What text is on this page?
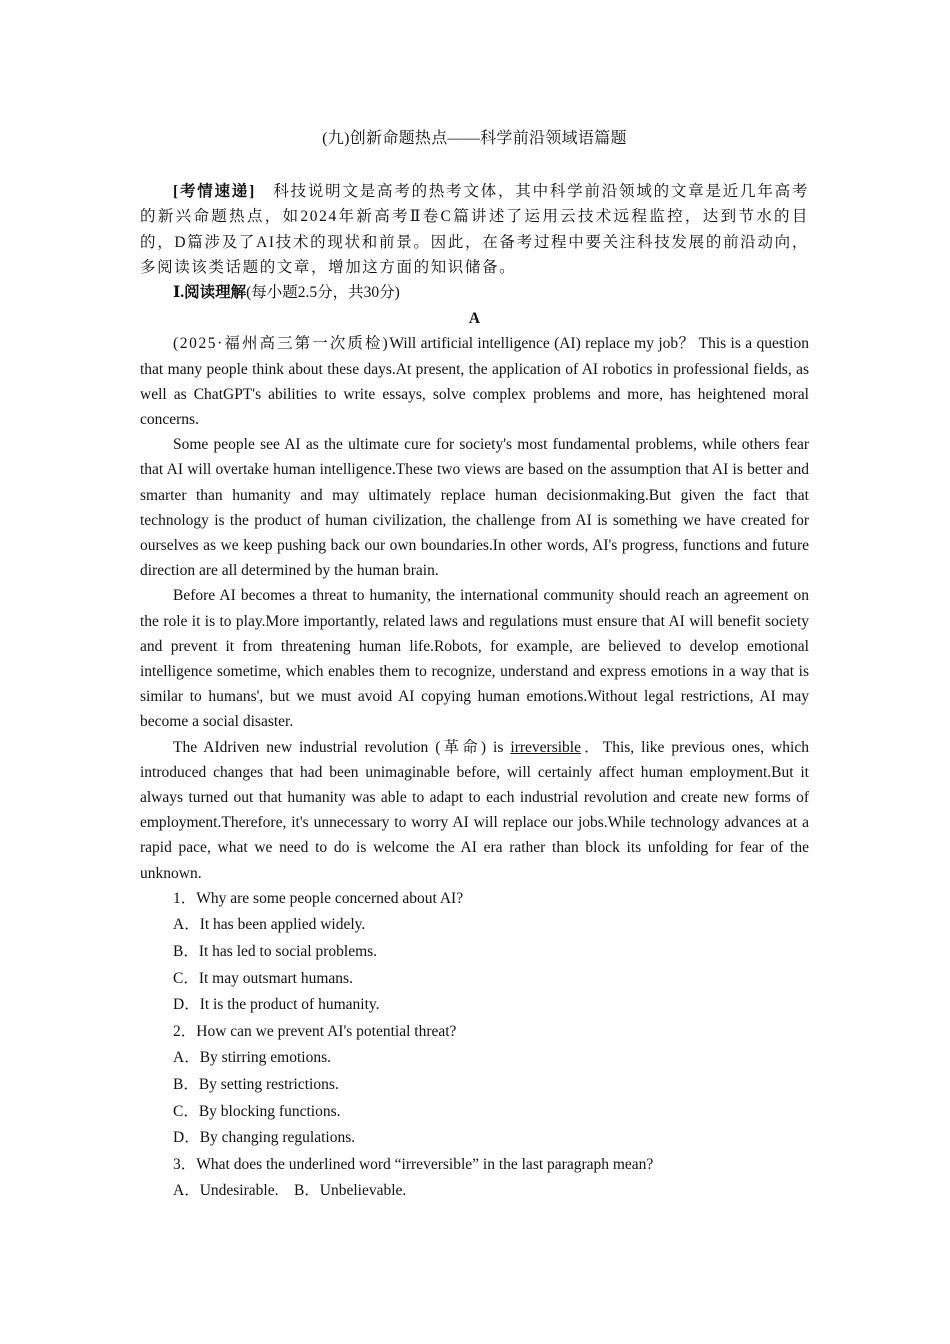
(九)创新命题热点——科学前沿领域语篇题

[考情速递]　科技说明文是高考的热考文体，其中科学前沿领域的文章是近几年高考的新兴命题热点，如2024年新高考Ⅱ卷C篇讲述了运用云技术远程监控，达到节水的目的，D篇涉及了AI技术的现状和前景。因此，在备考过程中要关注科技发展的前沿动向，多阅读该类话题的文章，增加这方面的知识储备。

Ⅰ.阅读理解(每小题2.5分，共30分)

A

(2025·福州高三第一次质检)Will artificial intelligence (AI) replace my job？ This is a question that many people think about these days.At present, the application of AI robotics in professional fields, as well as ChatGPT's abilities to write essays, solve complex problems and more, has heightened moral concerns.

Some people see AI as the ultimate cure for society's most fundamental problems, while others fear that AI will overtake human intelligence.These two views are based on the assumption that AI is better and smarter than humanity and may ultimately replace human decisionmaking.But given the fact that technology is the product of human civilization, the challenge from AI is something we have created for ourselves as we keep pushing back our own boundaries.In other words, AI's progress, functions and future direction are all determined by the human brain.

Before AI becomes a threat to humanity, the international community should reach an agreement on the role it is to play.More importantly, related laws and regulations must ensure that AI will benefit society and prevent it from threatening human life.Robots, for example, are believed to develop emotional intelligence sometime, which enables them to recognize, understand and express emotions in a way that is similar to humans', but we must avoid AI copying human emotions.Without legal restrictions, AI may become a social disaster.

The AIdriven new industrial revolution (革命) is irreversible．This, like previous ones, which introduced changes that had been unimaginable before, will certainly affect human employment.But it always turned out that humanity was able to adapt to each industrial revolution and create new forms of employment.Therefore, it's unnecessary to worry AI will replace our jobs.While technology advances at a rapid pace, what we need to do is welcome the AI era rather than block its unfolding for fear of the unknown.

1．Why are some people concerned about AI?

A．It has been applied widely.

B．It has led to social problems.

C．It may outsmart humans.

D．It is the product of humanity.

2．How can we prevent AI's potential threat?

A．By stirring emotions.

B．By setting restrictions.

C．By blocking functions.

D．By changing regulations.

3．What does the underlined word “irreversible” in the last paragraph mean?

A．Undesirable.　B．Unbelievable.
